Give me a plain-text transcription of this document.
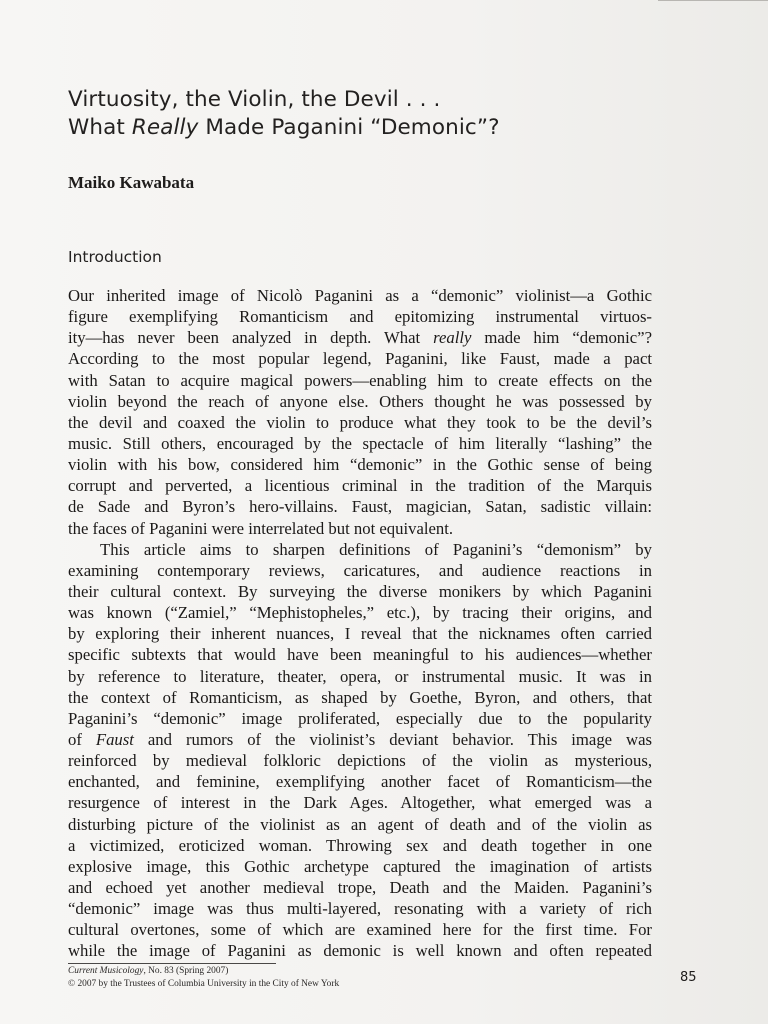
Virtuosity, the Violin, the Devil . . .
What Really Made Paganini “Demonic”?
Maiko Kawabata
Introduction
Our inherited image of Nicolò Paganini as a “demonic” violinist—a Gothic
figure exemplifying Romanticism and epitomizing instrumental virtuos-
ity—has never been analyzed in depth. What really made him “demonic”?
According to the most popular legend, Paganini, like Faust, made a pact
with Satan to acquire magical powers—enabling him to create effects on the
violin beyond the reach of anyone else. Others thought he was possessed by
the devil and coaxed the violin to produce what they took to be the devil’s
music. Still others, encouraged by the spectacle of him literally “lashing” the
violin with his bow, considered him “demonic” in the Gothic sense of being
corrupt and perverted, a licentious criminal in the tradition of the Marquis
de Sade and Byron’s hero-villains. Faust, magician, Satan, sadistic villain:
the faces of Paganini were interrelated but not equivalent.
This article aims to sharpen definitions of Paganini’s “demonism” by
examining contemporary reviews, caricatures, and audience reactions in
their cultural context. By surveying the diverse monikers by which Paganini
was known (“Zamiel,” “Mephistopheles,” etc.), by tracing their origins, and
by exploring their inherent nuances, I reveal that the nicknames often carried
specific subtexts that would have been meaningful to his audiences—whether
by reference to literature, theater, opera, or instrumental music. It was in
the context of Romanticism, as shaped by Goethe, Byron, and others, that
Paganini’s “demonic” image proliferated, especially due to the popularity
of Faust and rumors of the violinist’s deviant behavior. This image was
reinforced by medieval folkloric depictions of the violin as mysterious,
enchanted, and feminine, exemplifying another facet of Romanticism—the
resurgence of interest in the Dark Ages. Altogether, what emerged was a
disturbing picture of the violinist as an agent of death and of the violin as
a victimized, eroticized woman. Throwing sex and death together in one
explosive image, this Gothic archetype captured the imagination of artists
and echoed yet another medieval trope, Death and the Maiden. Paganini’s
“demonic” image was thus multi-layered, resonating with a variety of rich
cultural overtones, some of which are examined here for the first time. For
while the image of Paganini as demonic is well known and often repeated
Current Musicology, No. 83 (Spring 2007)
© 2007 by the Trustees of Columbia University in the City of New York	85
